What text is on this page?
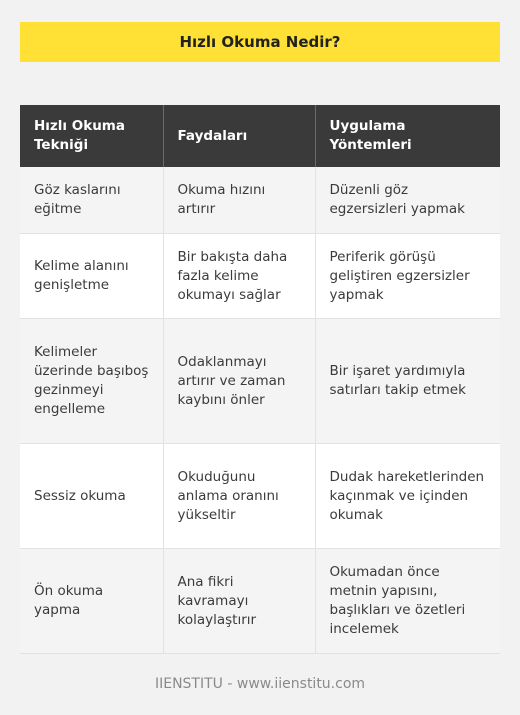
Hızlı Okuma Nedir?
Hızlı Okuma Tekniği	Faydaları	Uygulama Yöntemleri
Göz kaslarını eğitme	Okuma hızını artırır	Düzenli göz egzersizleri yapmak
Kelime alanını genişletme	Bir bakışta daha fazla kelime okumayı sağlar	Periferik görüşü geliştiren egzersizler yapmak
Kelimeler üzerinde başıboş gezinmeyi engelleme	Odaklanmayı artırır ve zaman kaybını önler	Bir işaret yardımıyla satırları takip etmek
Sessiz okuma	Okuduğunu anlama oranını yükseltir	Dudak hareketlerinden kaçınmak ve içinden okumak
Ön okuma yapma	Ana fikri kavramayı kolaylaştırır	Okumadan önce metnin yapısını, başlıkları ve özetleri incelemek
IIENSTITU - www.iienstitu.com
